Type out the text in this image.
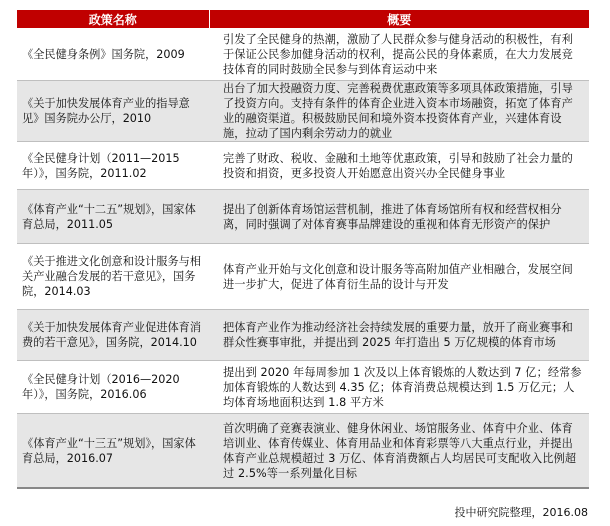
政策名称	概要
《全民健身条例》国务院，2009	引发了全民健身的热潮，激励了人民群众参与健身活动的积极性，有利于保证公民参加健身活动的权利，提高公民的身体素质，在大力发展竞技体育的同时鼓励全民参与到体育运动中来
《关于加快发展体育产业的指导意见》国务院办公厅，2010	出台了加大投融资力度、完善税费优惠政策等多项具体政策措施，引导了投资方向。支持有条件的体育企业进入资本市场融资，拓宽了体育产业的融资渠道。积极鼓励民间和境外资本投资体育产业，兴建体育设施，拉动了国内剩余劳动力的就业
《全民健身计划（2011—2015 年）》，国务院，2011.02	完善了财政、税收、金融和土地等优惠政策，引导和鼓励了社会力量的投资和捐资，更多投资人开始愿意出资兴办全民健身事业
《体育产业“十二五”规划》，国家体育总局，2011.05	提出了创新体育场馆运营机制，推进了体育场馆所有权和经营权相分离，同时强调了对体育赛事品牌建设的重视和体育无形资产的保护
《关于推进文化创意和设计服务与相关产业融合发展的若干意见》，国务院，2014.03	体育产业开始与文化创意和设计服务等高附加值产业相融合，发展空间进一步扩大，促进了体育衍生品的设计与开发
《关于加快发展体育产业促进体育消费的若干意见》，国务院，2014.10	把体育产业作为推动经济社会持续发展的重要力量，放开了商业赛事和群众性赛事审批，并提出到 2025 年打造出 5 万亿规模的体育市场
《全民健身计划（2016—2020 年）》，国务院，2016.06	提出到 2020 年每周参加 1 次及以上体育锻炼的人数达到 7 亿；经常参加体育锻炼的人数达到 4.35 亿；体育消费总规模达到 1.5 万亿元；人均体育场地面积达到 1.8 平方米
《体育产业“十三五”规划》，国家体育总局，2016.07	首次明确了竞赛表演业、健身休闲业、场馆服务业、体育中介业、体育培训业、体育传媒业、体育用品业和体育彩票等八大重点行业，并提出体育产业总规模超过 3 万亿、体育消费额占人均居民可支配收入比例超过 2.5%等一系列量化目标
投中研究院整理，2016.08
